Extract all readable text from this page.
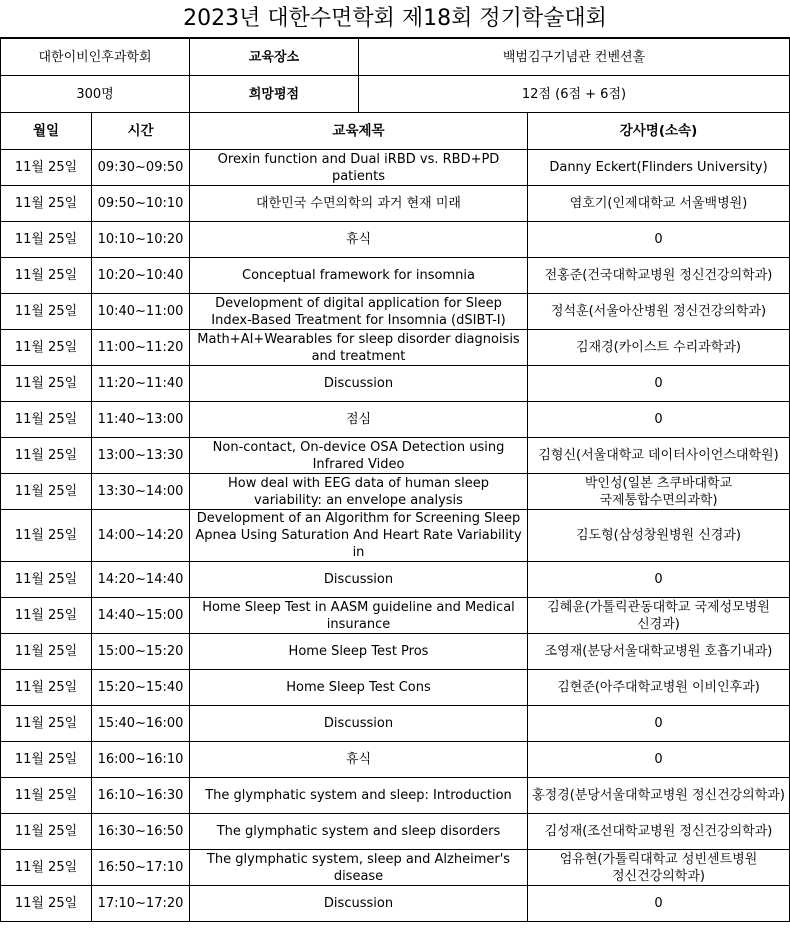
2023년 대한수면학회 제18회 정기학술대회
대한이비인후과학회		교육장소	백범김구기념관 컨벤션홀	
300명		희망평점	12점 (6점 + 6점)	
월일	시간	교육제목		강사명(소속)
11월 25일	09:30~09:50	Orexin function and Dual iRBD vs. RBD+PD patients		Danny Eckert(Flinders University)
11월 25일	09:50~10:10	대한민국 수면의학의 과거 현재 미래		염호기(인제대학교 서울백병원)
11월 25일	10:10~10:20	휴식		0
11월 25일	10:20~10:40	Conceptual framework for insomnia		전홍준(건국대학교병원 정신건강의학과)
11월 25일	10:40~11:00	Development of digital application for Sleep Index-Based Treatment for Insomnia (dSIBT-I)		정석훈(서울아산병원 정신건강의학과)
11월 25일	11:00~11:20	Math+AI+Wearables for sleep disorder diagnoisis and treatment		김재경(카이스트 수리과학과)
11월 25일	11:20~11:40	Discussion		0
11월 25일	11:40~13:00	점심		0
11월 25일	13:00~13:30	Non-contact, On-device OSA Detection using Infrared Video		김형신(서울대학교 데이터사이언스대학원)
11월 25일	13:30~14:00	How deal with EEG data of human sleep variability: an envelope analysis		박인성(일본 츠쿠바대학교 국제통합수면의과학)
11월 25일	14:00~14:20	Development of an Algorithm for Screening Sleep Apnea Using Saturation And Heart Rate Variability in		김도형(삼성창원병원 신경과)
11월 25일	14:20~14:40	Discussion		0
11월 25일	14:40~15:00	Home Sleep Test in AASM guideline and Medical insurance		김혜윤(가톨릭관동대학교 국제성모병원 신경과)
11월 25일	15:00~15:20	Home Sleep Test Pros		조영재(분당서울대학교병원 호흡기내과)
11월 25일	15:20~15:40	Home Sleep Test Cons		김현준(아주대학교병원 이비인후과)
11월 25일	15:40~16:00	Discussion		0
11월 25일	16:00~16:10	휴식		0
11월 25일	16:10~16:30	The glymphatic system and sleep: Introduction		홍정경(분당서울대학교병원 정신건강의학과)
11월 25일	16:30~16:50	The glymphatic system and sleep disorders		김성재(조선대학교병원 정신건강의학과)
11월 25일	16:50~17:10	The glymphatic system, sleep and Alzheimer's disease		엄유현(가톨릭대학교 성빈센트병원 정신건강의학과)
11월 25일	17:10~17:20	Discussion		0
